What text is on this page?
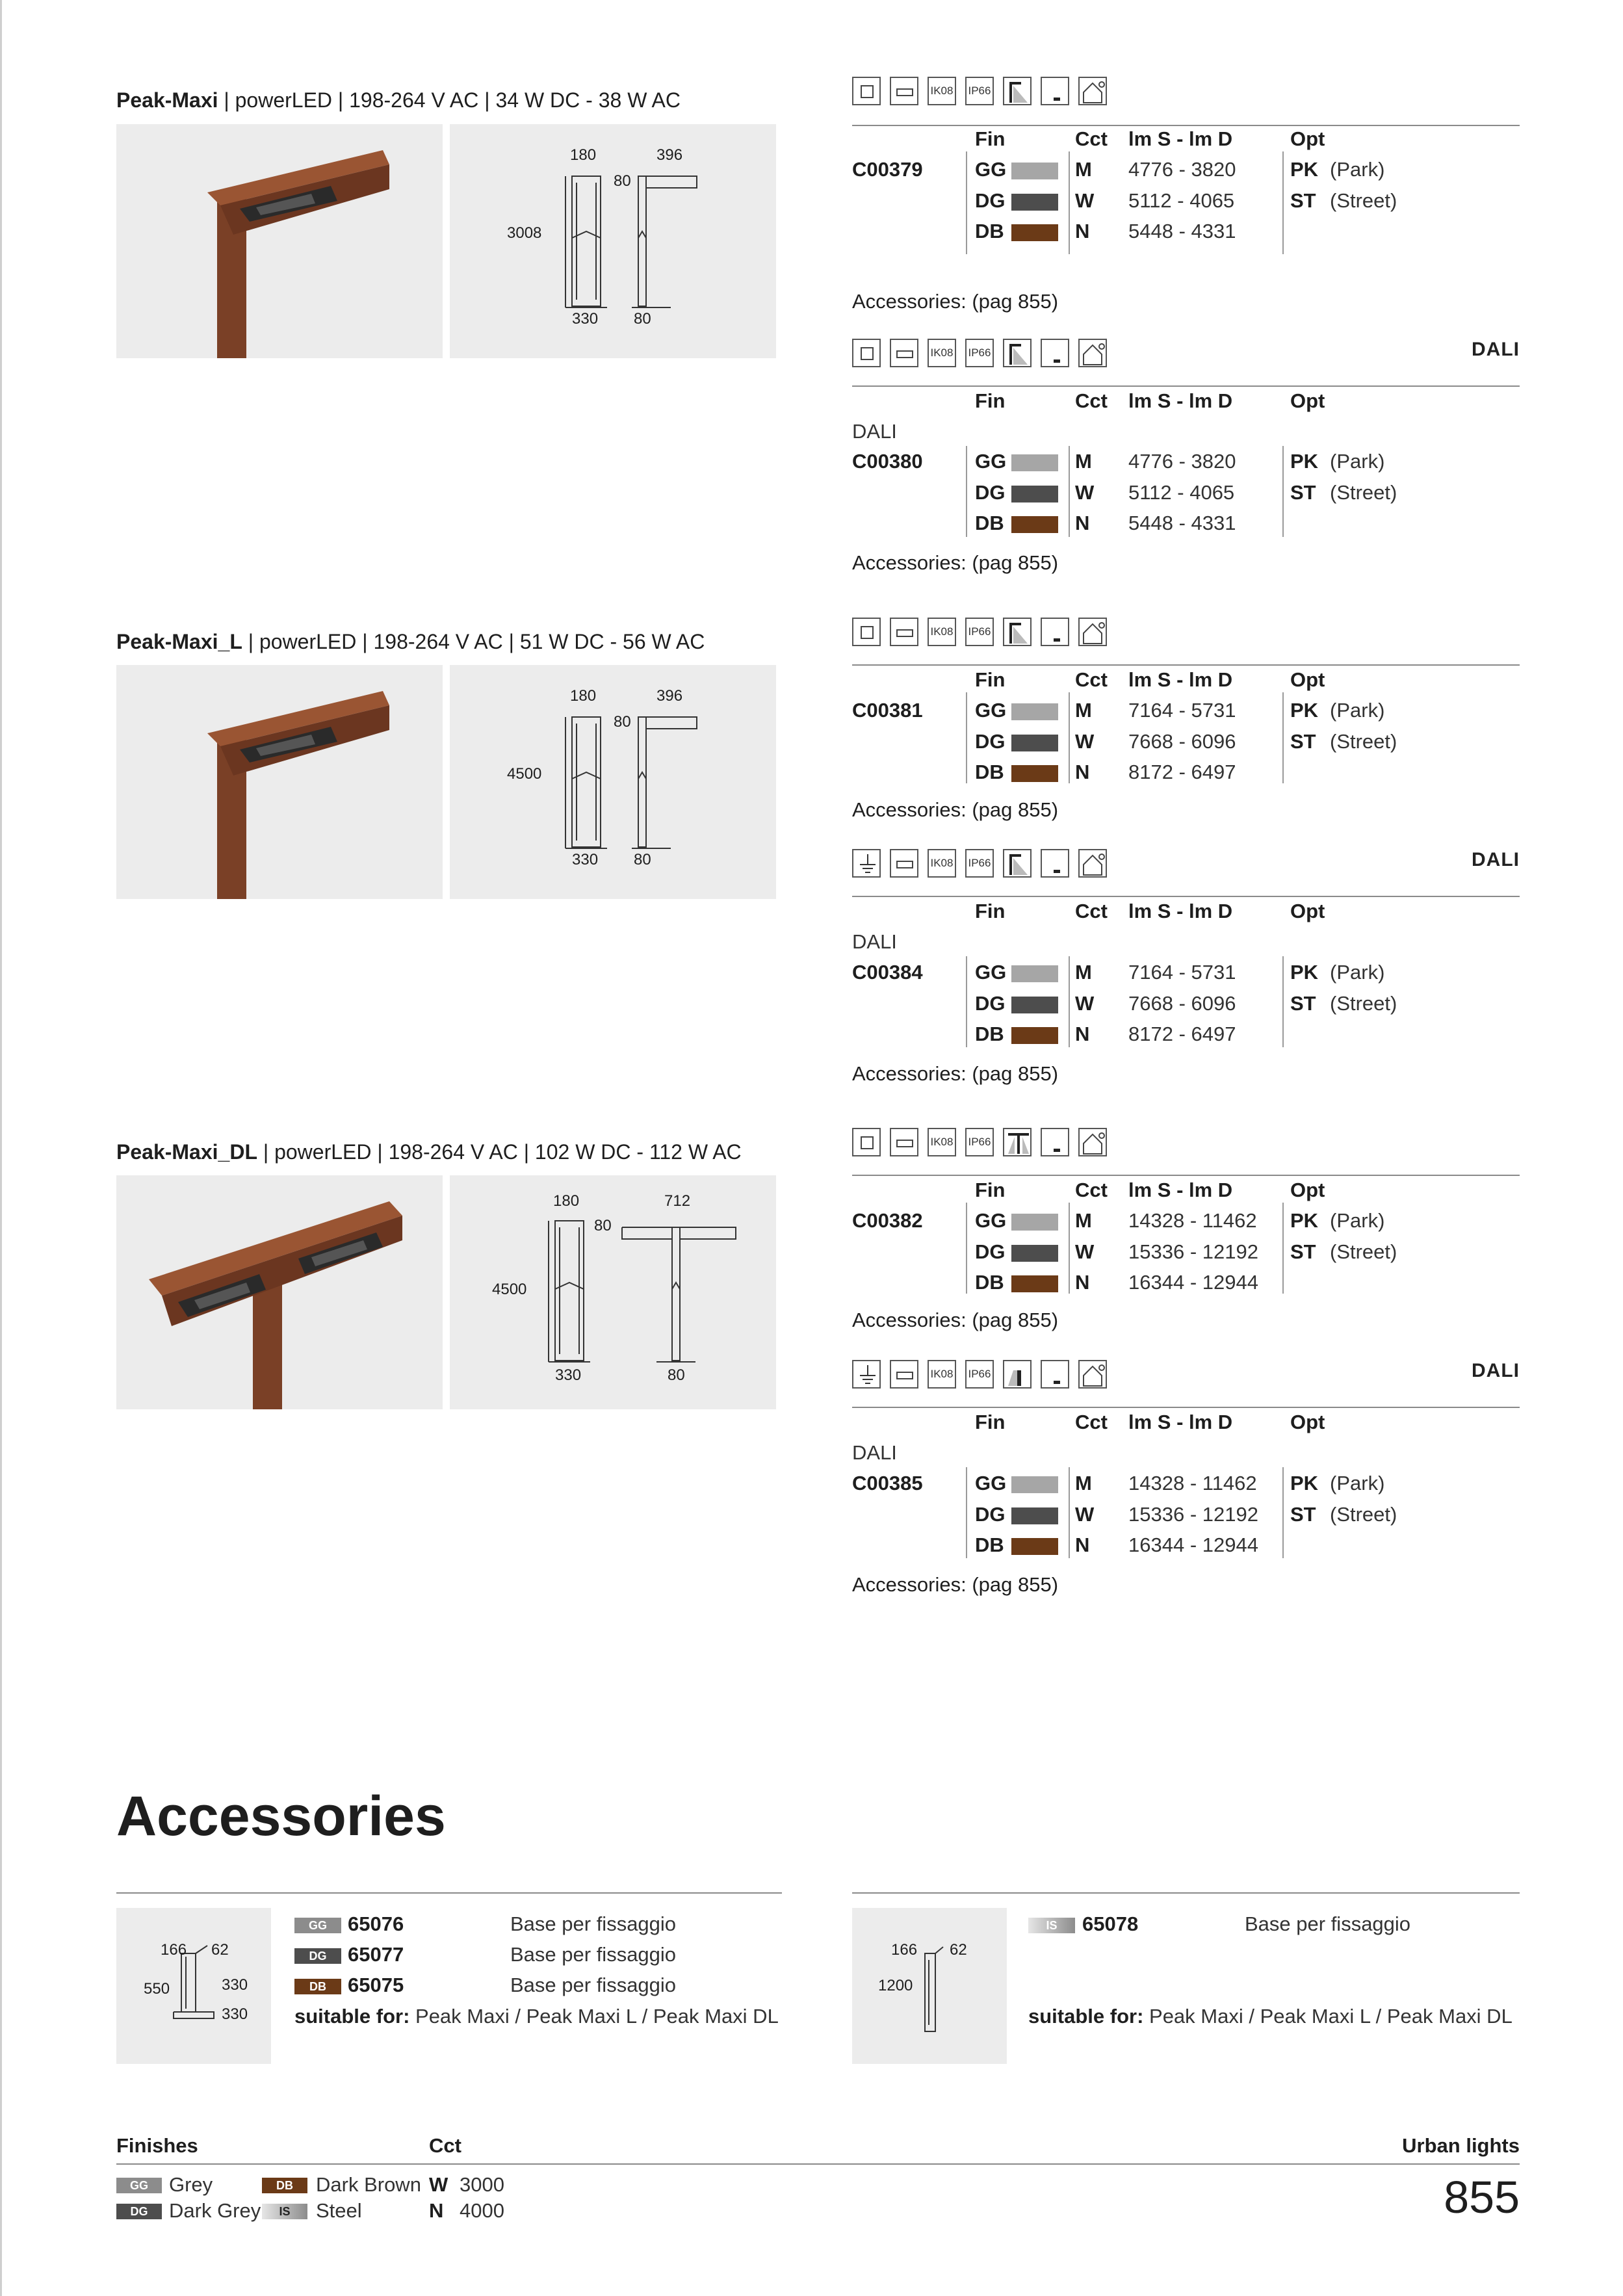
Peak-Maxi | powerLED | 198-264 V AC | 34 W DC - 38 W AC
180	396
80
3008
330 80
IK08 IP66
Fin	Cct lm S - lm D	Opt
C00379	GG	M 4776 - 3820	PK (Park)
DG	W 5112 - 4065	ST (Street)
DB	N 5448 - 4331
Accessories: (pag 855)
IK08 IP66	DALI
Fin	Cct lm S - lm D	Opt
DALI
C00380	GG	M 4776 - 3820	PK (Park)
DG	W 5112 - 4065	ST (Street)
DB	N 5448 - 4331
Accessories: (pag 855)
Peak-Maxi_L | powerLED | 198-264 V AC | 51 W DC - 56 W AC
180	396
80
4500
330 80
IK08 IP66
Fin	Cct lm S - lm D	Opt
C00381	GG	M 7164 - 5731	PK (Park)
DG	W 7668 - 6096	ST (Street)
DB	N 8172 - 6497
Accessories: (pag 855)
IK08 IP66	DALI
Fin	Cct lm S - lm D	Opt
DALI
C00384	GG	M 7164 - 5731	PK (Park)
DG	W 7668 - 6096	ST (Street)
DB	N 8172 - 6497
Accessories: (pag 855)
Peak-Maxi_DL | powerLED | 198-264 V AC | 102 W DC - 112 W AC
180	712
80
4500
330	80
IK08 IP66
Fin	Cct lm S - lm D	Opt
C00382	GG	M 14328 - 11462 PK (Park)
DG	W 15336 - 12192 ST (Street)
DB	N 16344 - 12944
Accessories: (pag 855)
IK08 IP66	DALI
Fin	Cct lm S - lm D	Opt
DALI
C00385	GG	M 14328 - 11462 PK (Park)
DG	W 15336 - 12192 ST (Street)
DB	N 16344 - 12944
Accessories: (pag 855)
Accessories
166 62
550	330
330
GG	65076	Base per fissaggio
DG	65077	Base per fissaggio
DB	65075	Base per fissaggio
suitable for: Peak Maxi / Peak Maxi L / Peak Maxi DL
166 62
1200
IS	65078	Base per fissaggio
suitable for: Peak Maxi / Peak Maxi L / Peak Maxi DL
Finishes	Cct	Urban lights
GG	Grey	DB	Dark Brown
DG	Dark Grey	IS	Steel
W 3000
N 4000	855
